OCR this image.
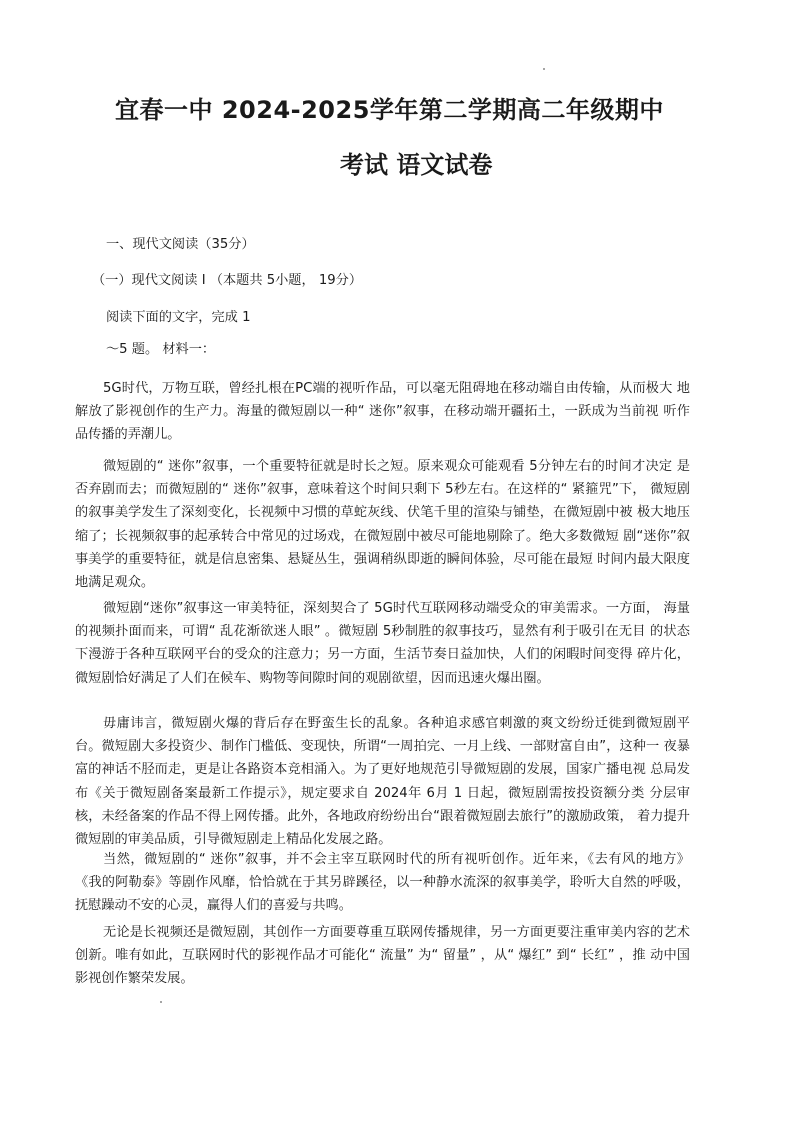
宜春一中 2024-2025学年第二学期高二年级期中
考试 语文试卷
一、现代文阅读（35分）
（一）现代文阅读 I （本题共 5小题， 19分）
阅读下面的文字，完成 1
～5 题。 材料一：

5G时代，万物互联，曾经扎根在PC端的视听作品，可以毫无阻碍地在移动端自由传输，从而极大 地解放了影视创作的生产力。海量的微短剧以一种“ 迷你”叙事，在移动端开疆拓土，一跃成为当前视 听作品传播的弄潮儿。

微短剧的“ 迷你”叙事，一个重要特征就是时长之短。原来观众可能观看 5分钟左右的时间才决定 是否弃剧而去；而微短剧的“ 迷你”叙事，意味着这个时间只剩下 5秒左右。在这样的“ 紧箍咒”下， 微短剧的叙事美学发生了深刻变化，长视频中习惯的草蛇灰线、伏笔千里的渲染与铺垫，在微短剧中被 极大地压缩了；长视频叙事的起承转合中常见的过场戏，在微短剧中被尽可能地剔除了。绝大多数微短 剧“迷你”叙事美学的重要特征，就是信息密集、悬疑丛生，强调稍纵即逝的瞬间体验，尽可能在最短 时间内最大限度地满足观众。

微短剧“迷你”叙事这一审美特征，深刻契合了 5G时代互联网移动端受众的审美需求。一方面， 海量的视频扑面而来，可谓“ 乱花渐欲迷人眼” 。微短剧 5秒制胜的叙事技巧，显然有利于吸引在无目 的状态下漫游于各种互联网平台的受众的注意力；另一方面，生活节奏日益加快，人们的闲暇时间变得 碎片化，微短剧恰好满足了人们在候车、购物等间隙时间的观剧欲望，因而迅速火爆出圈。

毋庸讳言，微短剧火爆的背后存在野蛮生长的乱象。各种追求感官刺激的爽文纷纷迁徙到微短剧平 台。微短剧大多投资少、制作门槛低、变现快，所谓“一周拍完、一月上线、一部财富自由”，这种一 夜暴富的神话不胫而走，更是让各路资本竞相涌入。为了更好地规范引导微短剧的发展，国家广播电视 总局发布《关于微短剧备案最新工作提示》，规定要求自 2024年 6月 1 日起，微短剧需按投资额分类 分层审核，未经备案的作品不得上网传播。此外，各地政府纷纷出台“跟着微短剧去旅行”的激励政策， 着力提升微短剧的审美品质，引导微短剧走上精品化发展之路。

当然，微短剧的“ 迷你”叙事，并不会主宰互联网时代的所有视听创作。近年来，《去有风的地方》 《我的阿勒泰》等剧作风靡，恰恰就在于其另辟蹊径，以一种静水流深的叙事美学，聆听大自然的呼吸， 抚慰躁动不安的心灵，赢得人们的喜爱与共鸣。

无论是长视频还是微短剧，其创作一方面要尊重互联网传播规律，另一方面更要注重审美内容的艺术 创新。唯有如此，互联网时代的影视作品才可能化“ 流量” 为“ 留量” ，从“ 爆红” 到“ 长红” ，推 动中国影视创作繁荣发展。
